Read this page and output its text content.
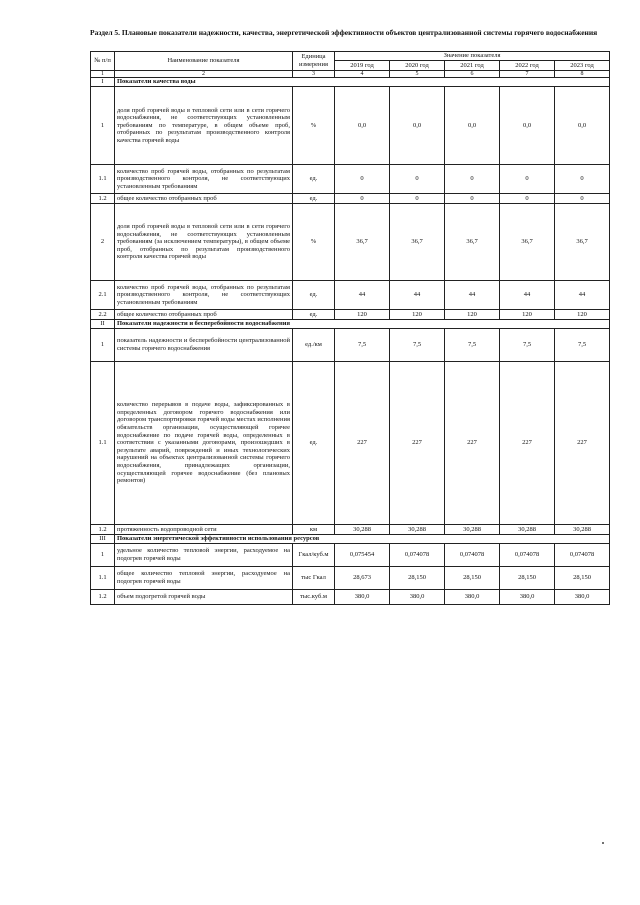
Раздел 5. Плановые показатели надежности, качества, энергетической эффективности объектов централизованной системы горячего водоснабжения
№ п/п	Наименование показателя	Единица измерения	Значение показателя				
			2019 год	2020 год	2021 год	2022 год	2023 год
1	2	3	4	5	6	7	8
I	Показатели качества воды						
1	доля проб горячей воды в тепловой сети или в сети горячего водоснабжения, не соответствующих установленным требованиям по температуре, в общем объеме проб, отобранных по результатам производственного контроля качества горячей воды	%	0,0	0,0	0,0	0,0	0,0
1.1	количество проб горячей воды, отобранных по результатам производственного контроля, не соответствующих установленным требованиям	ед.	0	0	0	0	0
1.2	общее количество отобранных проб	ед.	0	0	0	0	0
2	доля проб горячей воды в тепловой сети или в сети горячего водоснабжения, не соответствующих установленным требованиям (за исключением температуры), в общем объеме проб, отобранных по результатам производственного контроля качества горячей воды	%	36,7	36,7	36,7	36,7	36,7
2.1	количество проб горячей воды, отобранных по результатам производственного контроля, не соответствующих установленным требованиям	ед.	44	44	44	44	44
2.2	общее количество отобранных проб	ед.	120	120	120	120	120
II	Показатели надежности и бесперебойности водоснабжения						
1	показатель надежности и бесперебойности централизованной системы горячего водоснабжения	ед./км	7,5	7,5	7,5	7,5	7,5
1.1	количество перерывов в подаче воды, зафиксированных в определенных договором горячего водоснабжения или договором транспортировки горячей воды местах исполнения обязательств организации, осуществляющей горячее водоснабжение по подаче горячей воды, определенных в соответствии с указанными договорами, произошедших в результате аварий, повреждений и иных технологических нарушений на объектах централизованной системы горячего водоснабжения, принадлежащих организации, осуществляющей горячее водоснабжение (без плановых ремонтов)	ед.	227	227	227	227	227
1.2	протяженность водопроводной сети	км	30,288	30,288	30,288	30,288	30,288
III	Показатели энергетической эффективности использования ресурсов						
1	удельное количество тепловой энергии, расходуемое на подогрев горячей воды	Гкал/куб.м	0,075454	0,074078	0,074078	0,074078	0,074078
1.1	общее количество тепловой энергии, расходуемое на подогрев горячей воды	тыс Гкал	28,673	28,150	28,150	28,150	28,150
1.2	объем подогретой горячей воды	тыс.куб.м	380,0	380,0	380,0	380,0	380,0
